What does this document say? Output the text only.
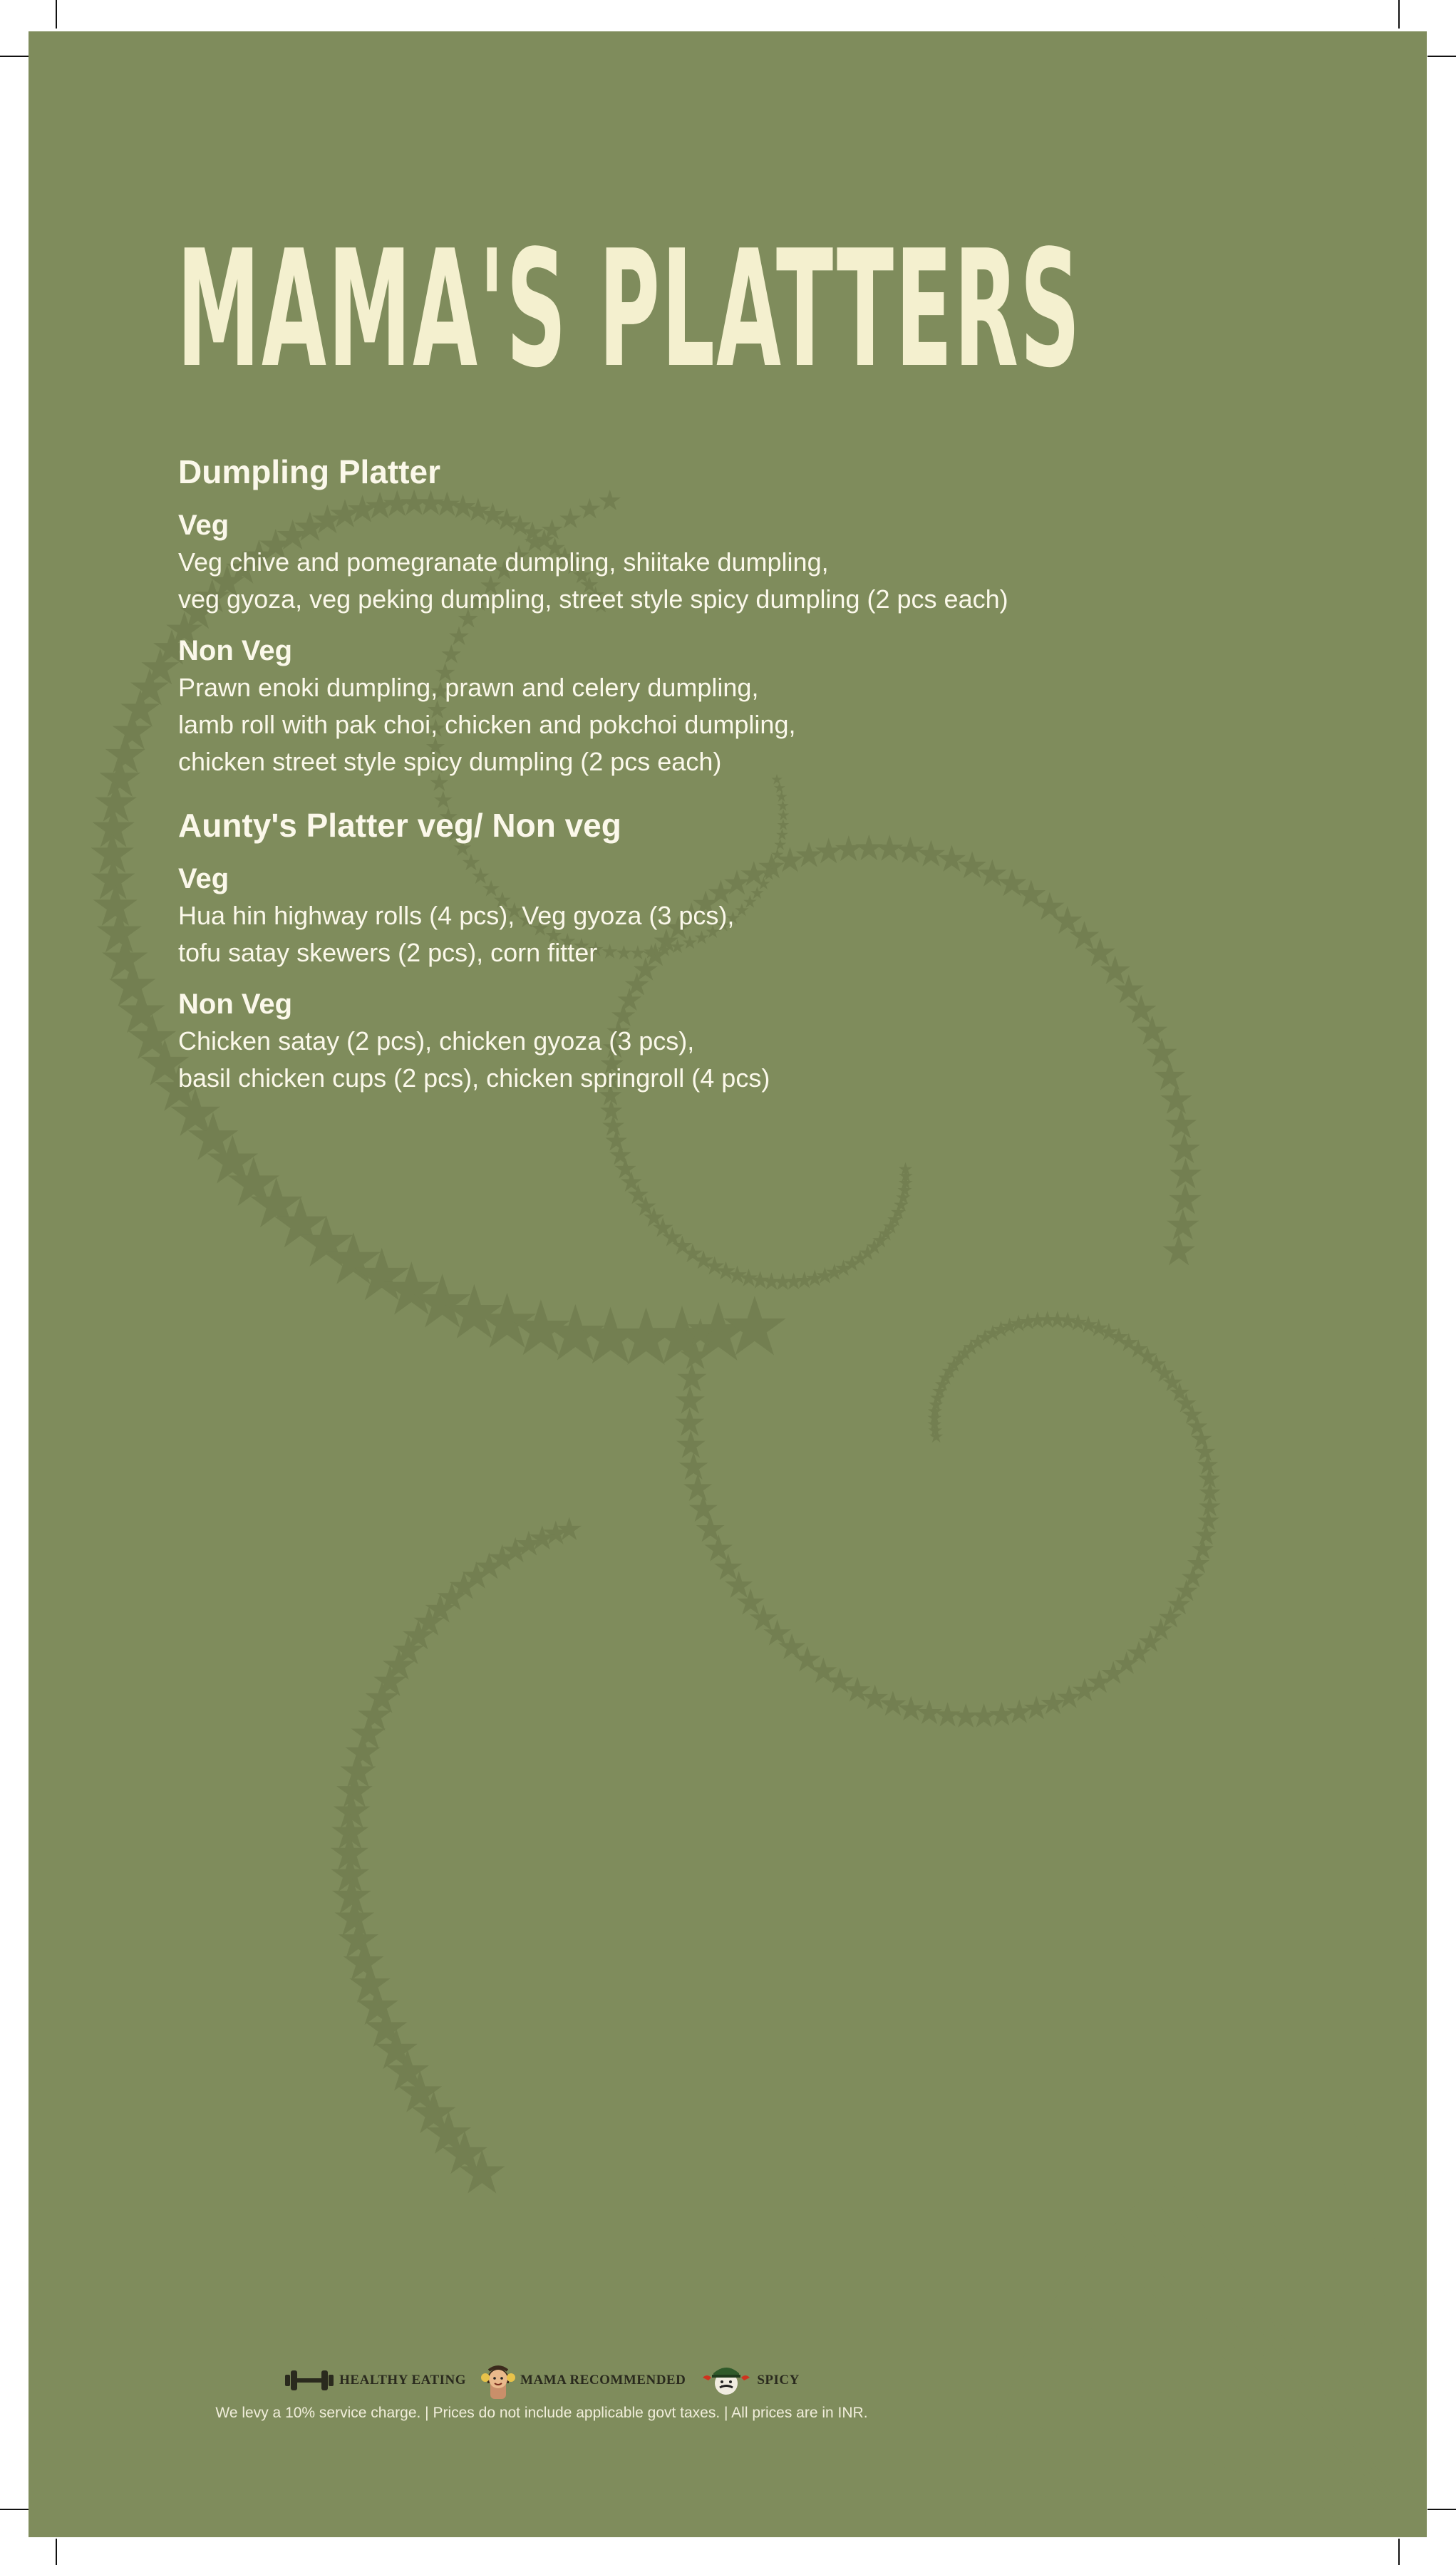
MAMA'S PLATTERS
Dumpling Platter
Veg
Veg chive and pomegranate dumpling, shiitake dumpling,
veg gyoza, veg peking dumpling, street style spicy dumpling (2 pcs each)
Non Veg
Prawn enoki dumpling, prawn and celery dumpling,
lamb roll with pak choi, chicken and pokchoi dumpling,
chicken street style spicy dumpling (2 pcs each)
Aunty's Platter veg/ Non veg
Veg
Hua hin highway rolls (4 pcs), Veg gyoza (3 pcs),
tofu satay skewers (2 pcs), corn fitter
Non Veg
Chicken satay (2 pcs), chicken gyoza (3 pcs),
basil chicken cups (2 pcs), chicken springroll (4 pcs)
HEALTHY EATING	MAMA RECOMMENDED	SPICY
We levy a 10% service charge. | Prices do not include applicable govt taxes. | All prices are in INR.
